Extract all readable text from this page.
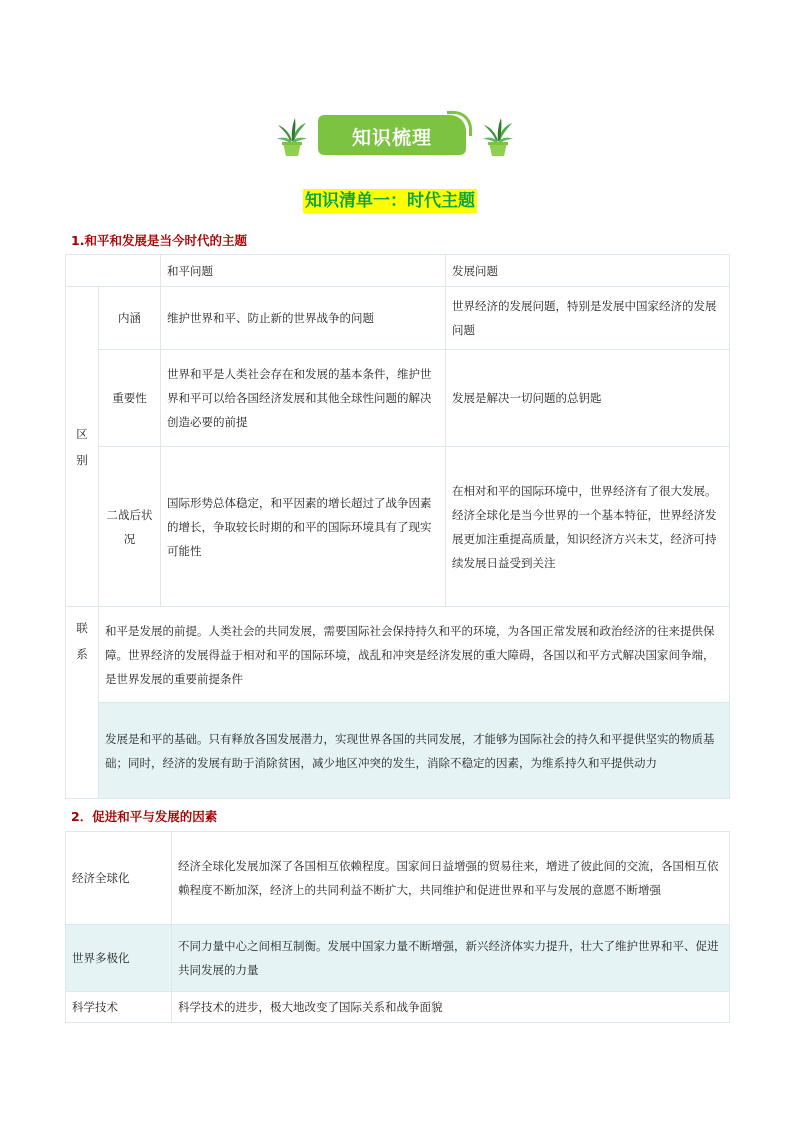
知识梳理
知识清单一：时代主题
1.和平和发展是当今时代的主题
		和平问题	发展问题
区
别	内涵	维护世界和平、防止新的世界战争的问题	世界经济的发展问题，特别是发展中国家经济的发展问题
	重要性	世界和平是人类社会存在和发展的基本条件，维护世界和平可以给各国经济发展和其他全球性问题的解决创造必要的前提	发展是解决一切问题的总钥匙
	二战后状况	国际形势总体稳定，和平因素的增长超过了战争因素的增长，争取较长时期的和平的国际环境具有了现实可能性	在相对和平的国际环境中，世界经济有了很大发展。经济全球化是当今世界的一个基本特征，世界经济发展更加注重提高质量，知识经济方兴未艾，经济可持续发展日益受到关注
联
系	和平是发展的前提。人类社会的共同发展，需要国际社会保持持久和平的环境，为各国正常发展和政治经济的往来提供保障。世界经济的发展得益于相对和平的国际环境，战乱和冲突是经济发展的重大障碍，各国以和平方式解决国家间争端，是世界发展的重要前提条件		
	发展是和平的基础。只有释放各国发展潜力，实现世界各国的共同发展，才能够为国际社会的持久和平提供坚实的物质基础；同时，经济的发展有助于消除贫困，减少地区冲突的发生，消除不稳定的因素，为维系持久和平提供动力		
2．促进和平与发展的因素
经济全球化	经济全球化发展加深了各国相互依赖程度。国家间日益增强的贸易往来，增进了彼此间的交流，各国相互依赖程度不断加深，经济上的共同利益不断扩大，共同维护和促进世界和平与发展的意愿不断增强
世界多极化	不同力量中心之间相互制衡。发展中国家力量不断增强，新兴经济体实力提升，壮大了维护世界和平、促进共同发展的力量
科学技术	科学技术的进步，极大地改变了国际关系和战争面貌
